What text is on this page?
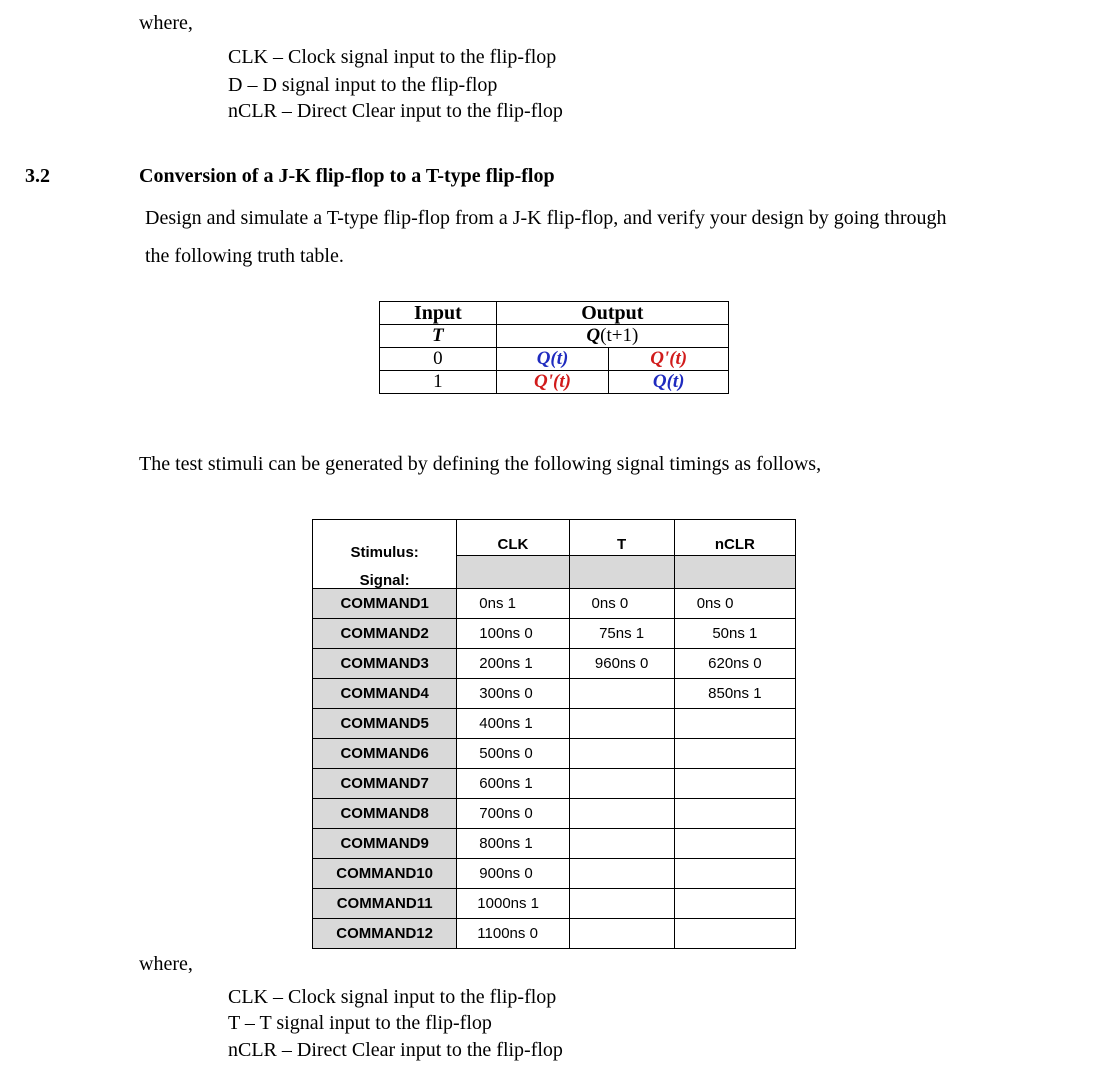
where,
CLK – Clock signal input to the flip-flop
D – D signal input to the flip-flop
nCLR – Direct Clear input to the flip-flop
3.2	Conversion of a J-K flip-flop to a T-type flip-flop
Design and simulate a T-type flip-flop from a J-K flip-flop, and verify your design by going through
the following truth table.
Input	Output	
T	Q(t+1)	
0	Q(t)	Q'(t)
1	Q'(t)	Q(t)
The test stimuli can be generated by defining the following signal timings as follows,
Stimulus:

Signal:	CLK	T	nCLR

COMMAND1	0ns 1	0ns 0	0ns 0
COMMAND2	100ns 0	75ns 1	50ns 1
COMMAND3	200ns 1	960ns 0	620ns 0
COMMAND4	300ns 0		850ns 1
COMMAND5	400ns 1		
COMMAND6	500ns 0		
COMMAND7	600ns 1		
COMMAND8	700ns 0		
COMMAND9	800ns 1		
COMMAND10	900ns 0		
COMMAND11	1000ns 1		
COMMAND12	1100ns 0		
where,
CLK – Clock signal input to the flip-flop
T – T signal input to the flip-flop
nCLR – Direct Clear input to the flip-flop
